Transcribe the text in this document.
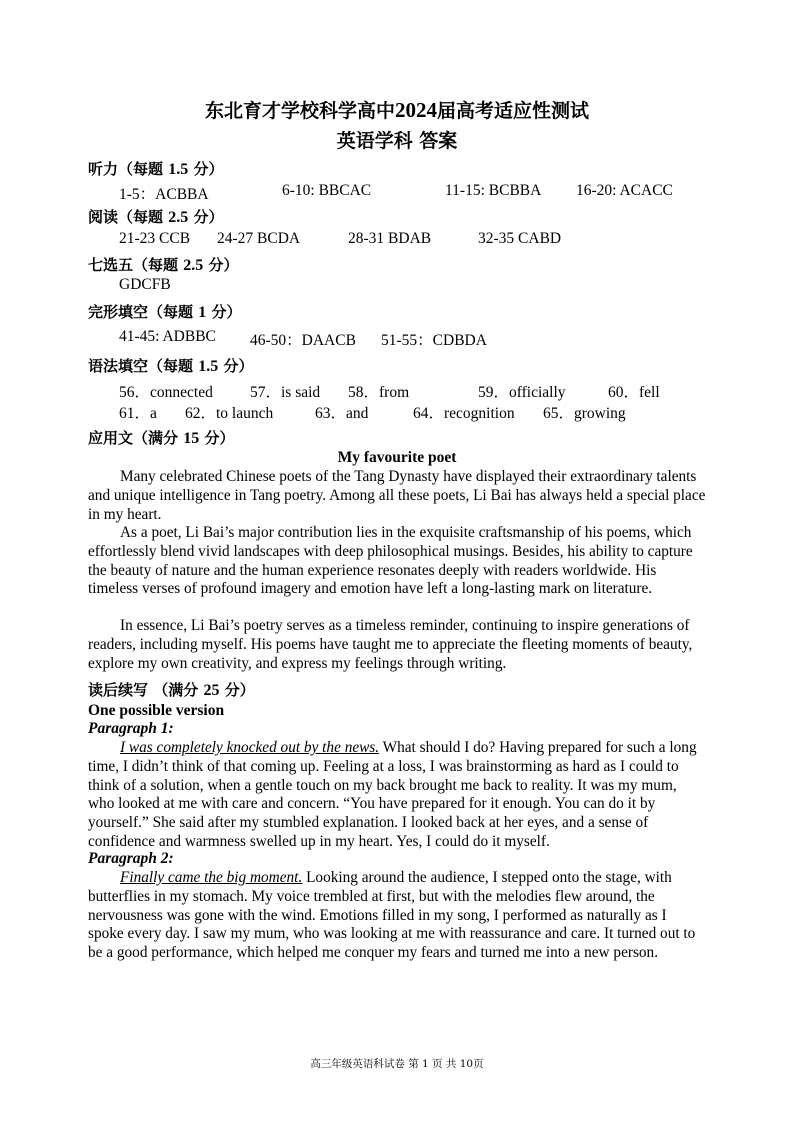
东北育才学校科学高中2024届高考适应性测试
英语学科 答案
听力（每题 1.5 分）
1-5：ACBBA	6-10: BBCAC	11-15: BCBBA 16-20: ACACC
阅读（每题 2.5 分）
21-23 CCB 24-27 BCDA	28-31 BDAB	32-35 CABD
七选五（每题 2.5 分）
GDCFB
完形填空（每题 1 分）
41-45: ADBBC 46-50：DAACB 51-55：CDBDA
语法填空（每题 1.5 分）
56．connected 57．is said 58．from	59．officially	60．fell
61．a 62．to launch	63．and	64．recognition 65．growing
应用文（满分 15 分）
My favourite poet
Many celebrated Chinese poets of the Tang Dynasty have displayed their extraordinary talents and unique intelligence in Tang poetry. Among all these poets, Li Bai has always held a special place in my heart.
As a poet, Li Bai’s major contribution lies in the exquisite craftsmanship of his poems, which effortlessly blend vivid landscapes with deep philosophical musings. Besides, his ability to capture the beauty of nature and the human experience resonates deeply with readers worldwide. His timeless verses of profound imagery and emotion have left a long-lasting mark on literature.
In essence, Li Bai’s poetry serves as a timeless reminder, continuing to inspire generations of readers, including myself. His poems have taught me to appreciate the fleeting moments of beauty, explore my own creativity, and express my feelings through writing.
读后续写 （满分 25 分）
One possible version
Paragraph 1:
I was completely knocked out by the news. What should I do? Having prepared for such a long time, I didn’t think of that coming up. Feeling at a loss, I was brainstorming as hard as I could to think of a solution, when a gentle touch on my back brought me back to reality. It was my mum, who looked at me with care and concern. “You have prepared for it enough. You can do it by yourself.” She said after my stumbled explanation. I looked back at her eyes, and a sense of confidence and warmness swelled up in my heart. Yes, I could do it myself.
Paragraph 2:
Finally came the big moment. Looking around the audience, I stepped onto the stage, with butterflies in my stomach. My voice trembled at first, but with the melodies flew around, the nervousness was gone with the wind. Emotions filled in my song, I performed as naturally as I spoke every day. I saw my mum, who was looking at me with reassurance and care. It turned out to be a good performance, which helped me conquer my fears and turned me into a new person.
高三年级英语科试卷 第 1 页 共 10页
